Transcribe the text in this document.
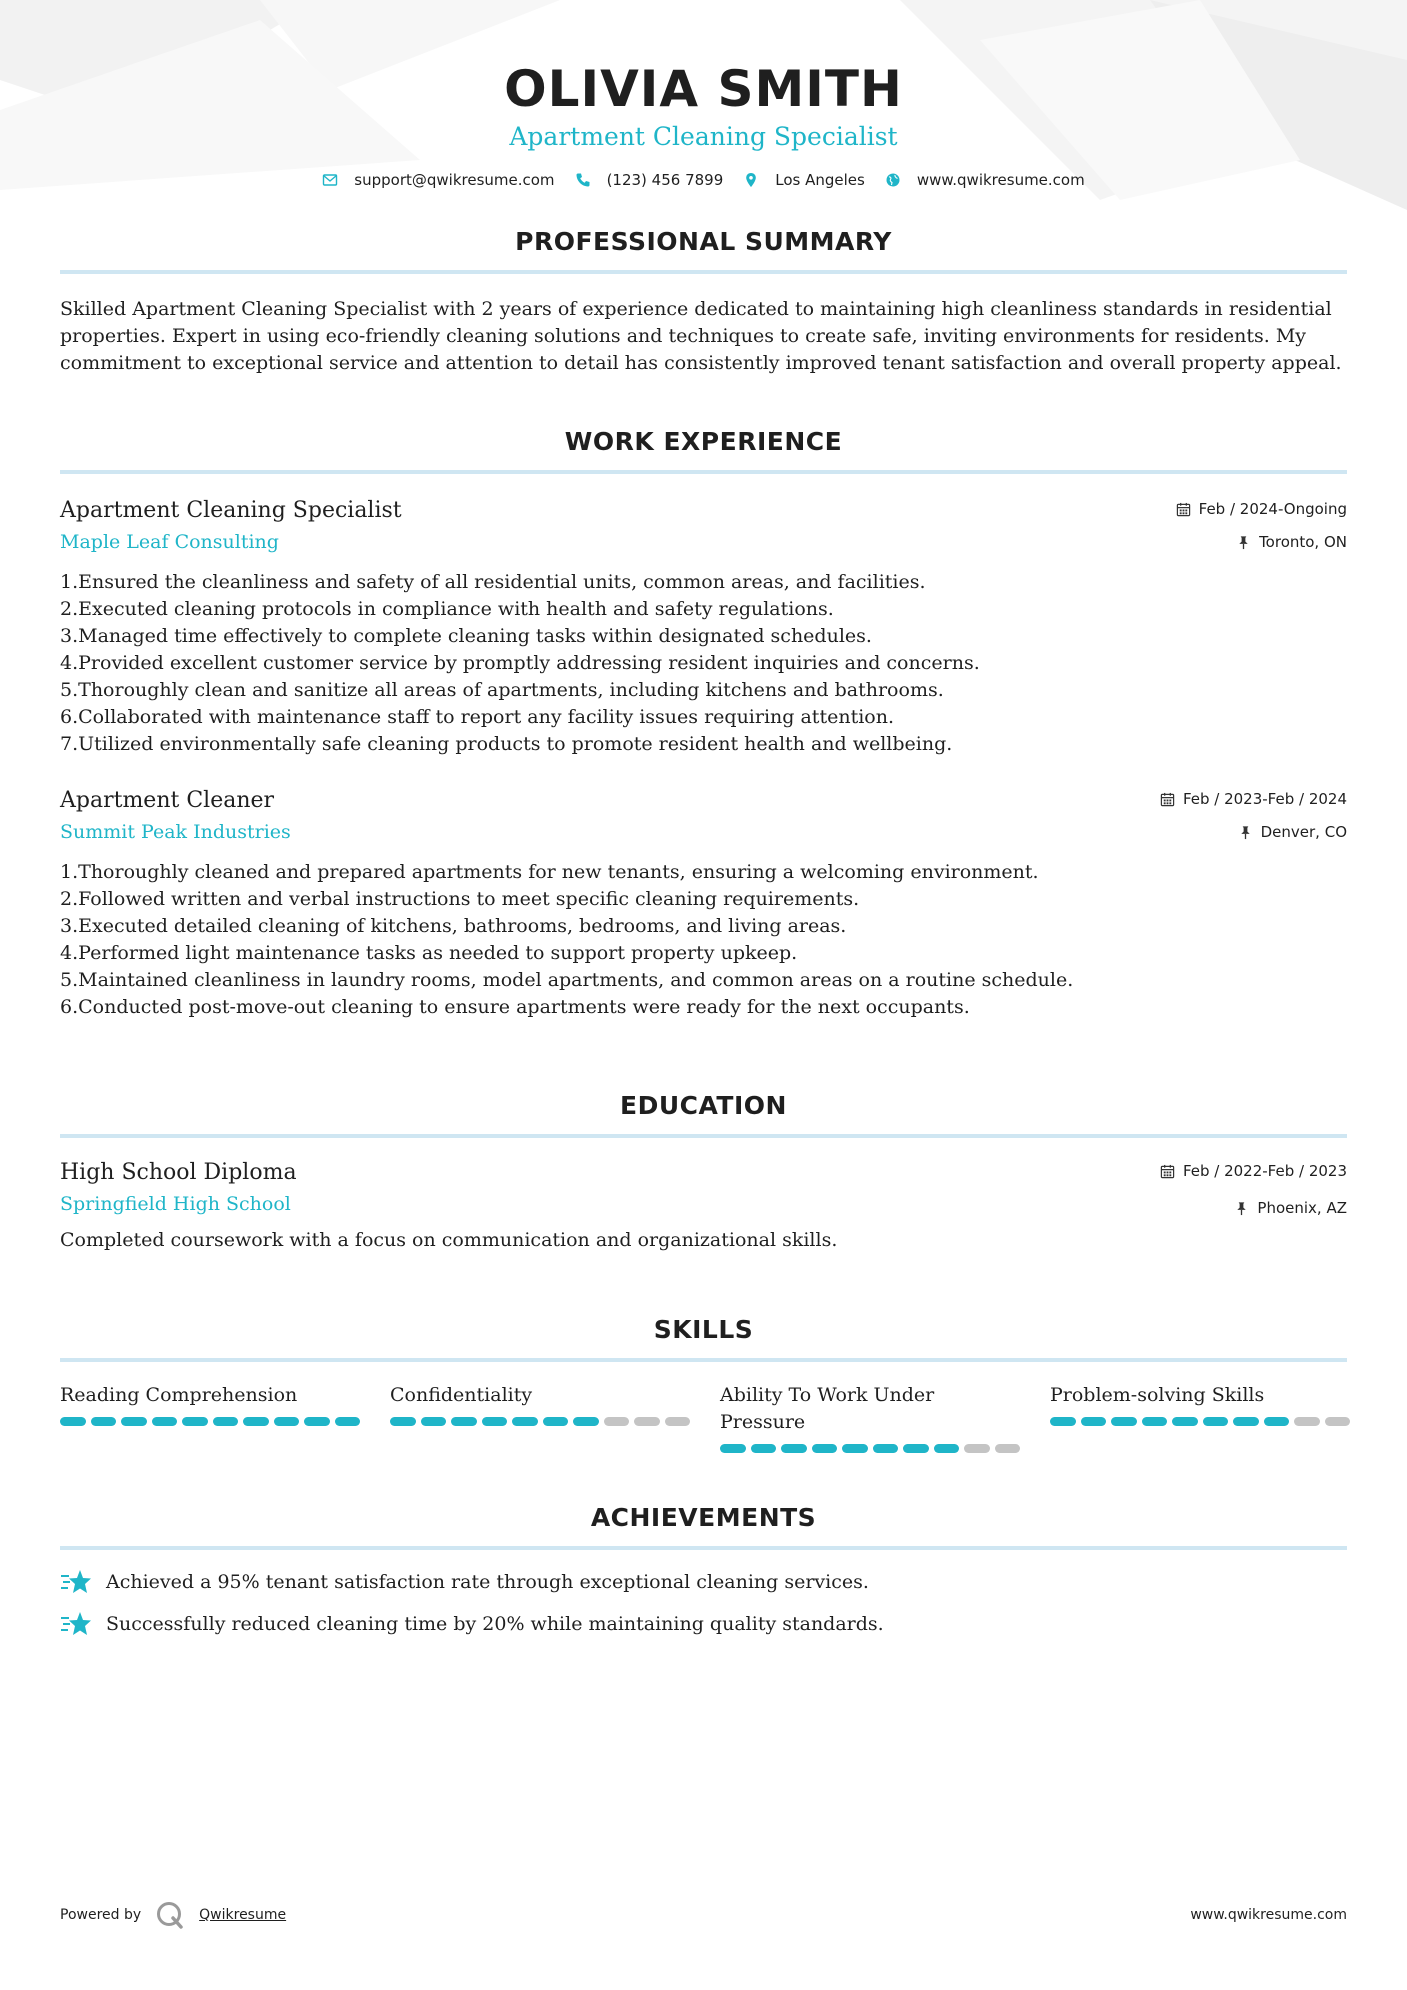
OLIVIA SMITH
Apartment Cleaning Specialist
support@qwikresume.com	(123) 456 7899	Los Angeles	www.qwikresume.com
PROFESSIONAL SUMMARY
Skilled Apartment Cleaning Specialist with 2 years of experience dedicated to maintaining high cleanliness standards in residential properties. Expert in using eco-friendly cleaning solutions and techniques to create safe, inviting environments for residents. My commitment to exceptional service and attention to detail has consistently improved tenant satisfaction and overall property appeal.
WORK EXPERIENCE
Apartment Cleaning Specialist
Maple Leaf Consulting
Feb / 2024-Ongoing
Toronto, ON
1. Ensured the cleanliness and safety of all residential units, common areas, and facilities.
2. Executed cleaning protocols in compliance with health and safety regulations.
3. Managed time effectively to complete cleaning tasks within designated schedules.
4. Provided excellent customer service by promptly addressing resident inquiries and concerns.
5. Thoroughly clean and sanitize all areas of apartments, including kitchens and bathrooms.
6. Collaborated with maintenance staff to report any facility issues requiring attention.
7. Utilized environmentally safe cleaning products to promote resident health and wellbeing.
Apartment Cleaner
Summit Peak Industries
Feb / 2023-Feb / 2024
Denver, CO
1. Thoroughly cleaned and prepared apartments for new tenants, ensuring a welcoming environment.
2. Followed written and verbal instructions to meet specific cleaning requirements.
3. Executed detailed cleaning of kitchens, bathrooms, bedrooms, and living areas.
4. Performed light maintenance tasks as needed to support property upkeep.
5. Maintained cleanliness in laundry rooms, model apartments, and common areas on a routine schedule.
6. Conducted post-move-out cleaning to ensure apartments were ready for the next occupants.
EDUCATION
High School Diploma
Springfield High School
Feb / 2022-Feb / 2023
Phoenix, AZ
Completed coursework with a focus on communication and organizational skills.
SKILLS
Reading Comprehension	Confidentiality	Ability To Work Under Pressure
Problem-solving Skills
ACHIEVEMENTS
Achieved a 95% tenant satisfaction rate through exceptional cleaning services.
Successfully reduced cleaning time by 20% while maintaining quality standards.
Powered by	Qwikresume	www.qwikresume.com
